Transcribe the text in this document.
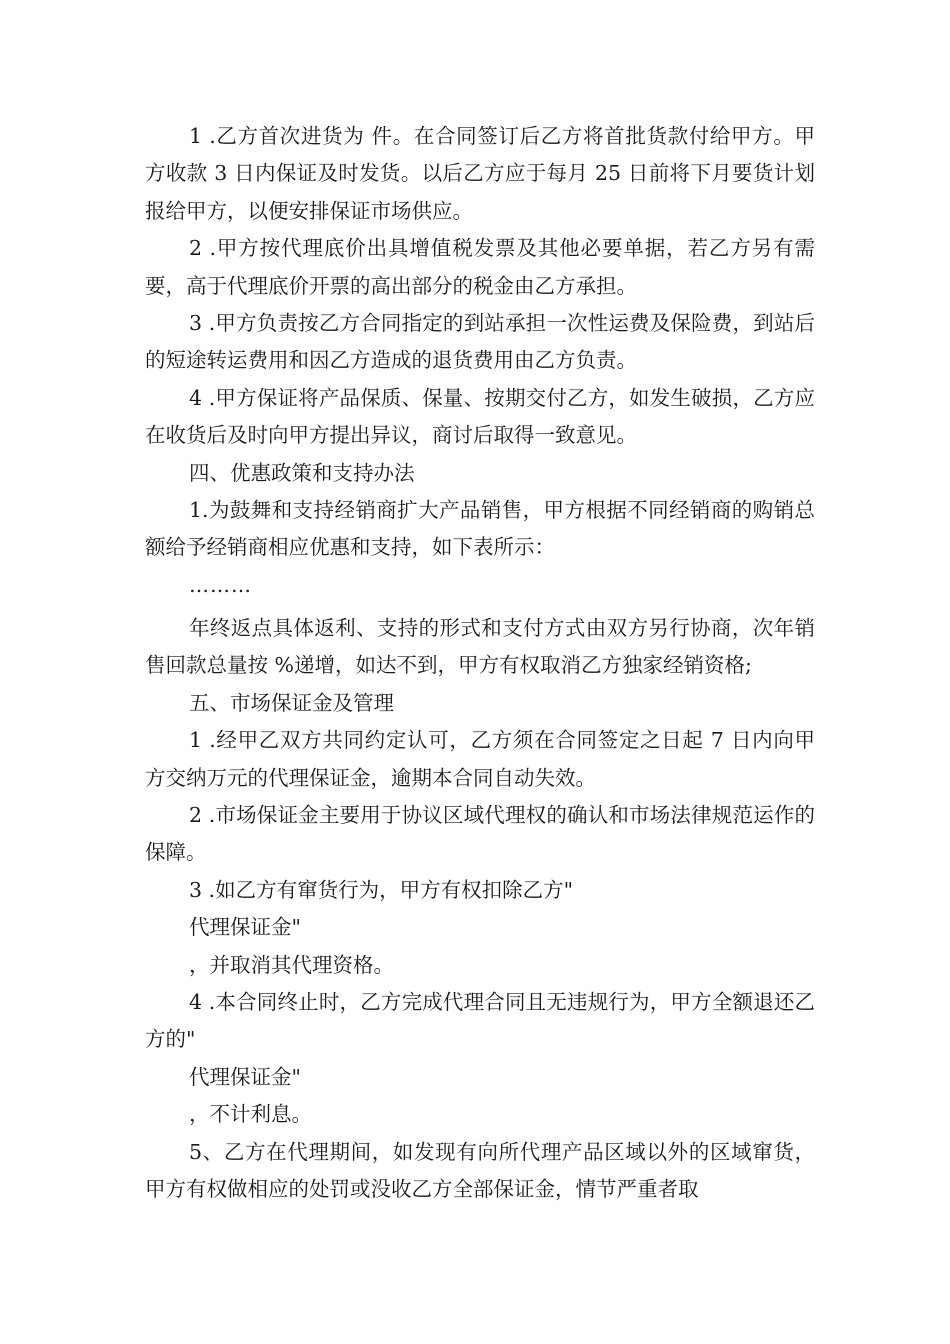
1 .乙方首次进货为 件。在合同签订后乙方将首批货款付给甲方。甲方收款 3 日内保证及时发货。以后乙方应于每月 25 日前将下月要货计划报给甲方，以便安排保证市场供应。

2 .甲方按代理底价出具增值税发票及其他必要单据，若乙方另有需要，高于代理底价开票的高出部分的税金由乙方承担。

3 .甲方负责按乙方合同指定的到站承担一次性运费及保险费，到站后的短途转运费用和因乙方造成的退货费用由乙方负责。

4 .甲方保证将产品保质、保量、按期交付乙方，如发生破损，乙方应在收货后及时向甲方提出异议，商讨后取得一致意见。

四、优惠政策和支持办法

1.为鼓舞和支持经销商扩大产品销售，甲方根据不同经销商的购销总额给予经销商相应优惠和支持，如下表所示：

………

年终返点具体返利、支持的形式和支付方式由双方另行协商，次年销售回款总量按 %递增，如达不到，甲方有权取消乙方独家经销资格;

五、市场保证金及管理

1 .经甲乙双方共同约定认可，乙方须在合同签定之日起 7 日内向甲方交纳万元的代理保证金，逾期本合同自动失效。

2 .市场保证金主要用于协议区域代理权的确认和市场法律规范运作的保障。

3 .如乙方有窜货行为，甲方有权扣除乙方"

代理保证金"

，并取消其代理资格。

4 .本合同终止时，乙方完成代理合同且无违规行为，甲方全额退还乙方的"

代理保证金"

，不计利息。

5、乙方在代理期间，如发现有向所代理产品区域以外的区域窜货，甲方有权做相应的处罚或没收乙方全部保证金，情节严重者取
